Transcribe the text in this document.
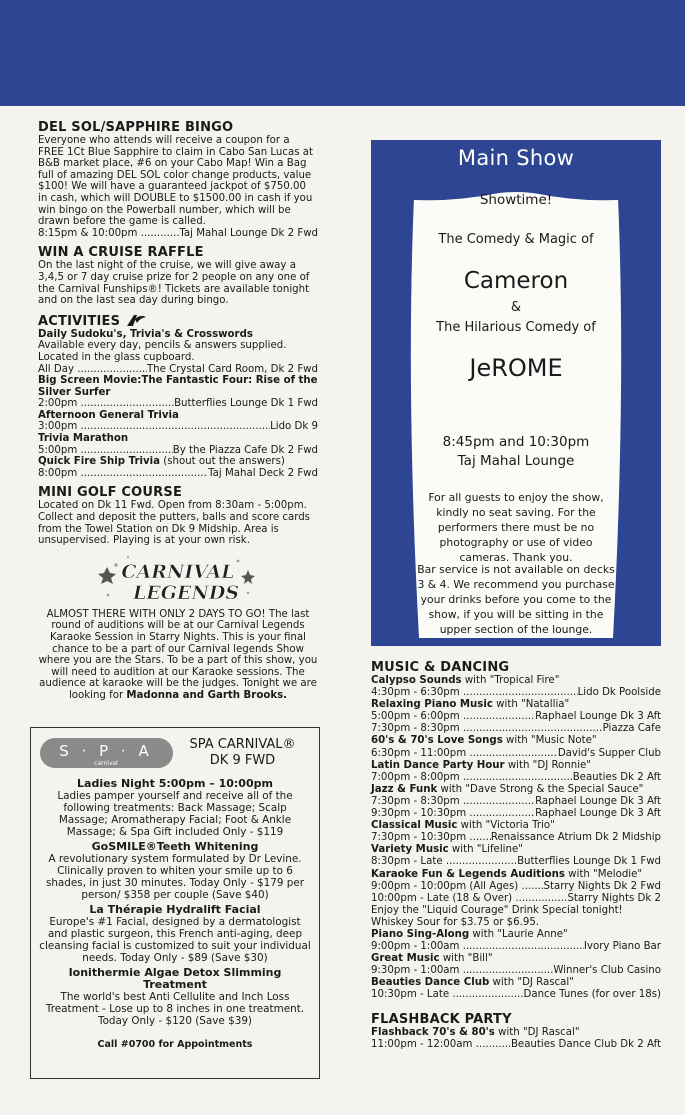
DEL SOL/SAPPHIRE BINGO

Everyone who attends will receive a coupon for a FREE 1Ct Blue Sapphire to claim in Cabo San Lucas at B&B market place, #6 on your Cabo Map! Win a Bag full of amazing DEL SOL color change products, value $100! We will have a guaranteed jackpot of $750.00 in cash, which will DOUBLE to $1500.00 in cash if you win bingo on the Powerball number, which will be drawn before the game is called.

8:15pm & 10:00pm .....	Taj Mahal Lounge Dk 2 Fwd
WIN A CRUISE RAFFLE

On the last night of the cruise, we will give away a 3,4,5 or 7 day cruise prize for 2 people on any one of the Carnival Funships®! Tickets are available tonight and on the last sea day during bingo.

ACTIVITIES

Daily Sudoku's, Trivia's & Crosswords

Available every day, pencils & answers supplied. Located in the glass cupboard.

All Day .....	The Crystal Card Room, Dk 2 Fwd

Big Screen Movie:The Fantastic Four: Rise of the Silver Surfer

2:00pm .....	Butterflies Lounge Dk 1 Fwd

Afternoon General Trivia

3:00pm .....	Lido Dk 9

Trivia Marathon

5:00pm .....	By the Piazza Cafe Dk 2 Fwd

Quick Fire Ship Trivia (shout out the answers)

8:00pm .....	Taj Mahal Deck 2 Fwd
MINI GOLF COURSE

Located on Dk 11 Fwd. Open from 8:30am - 5:00pm. Collect and deposit the putters, balls and score cards from the Towel Station on Dk 9 Midship. Area is unsupervised. Playing is at your own risk.

CARNIVAL
LEGENDS

ALMOST THERE WITH ONLY 2 DAYS TO GO! The last round of auditions will be at our Carnival Legends Karaoke Session in Starry Nights. This is your final chance to be a part of our Carnival legends Show where you are the Stars. To be a part of this show, you will need to audition at our Karaoke sessions. The audience at karaoke will be the judges. Tonight we are looking for Madonna and Garth Brooks.

S · P · A
carnival
SPA CARNIVAL®
DK 9 FWD
Ladies Night 5:00pm – 10:00pm

Ladies pamper yourself and receive all of the following treatments: Back Massage; Scalp Massage; Aromatherapy Facial; Foot & Ankle Massage; & Spa Gift included Only - $119

GoSMILE®Teeth Whitening

A revolutionary system formulated by Dr Levine. Clinically proven to whiten your smile up to 6 shades, in just 30 minutes. Today Only - $179 per person/ $358 per couple (Save $40)

La Thérapie Hydralift Facial

Europe's #1 Facial, designed by a dermatologist and plastic surgeon, this French anti-aging, deep cleansing facial is customized to suit your individual needs. Today Only - $89 (Save $30)

Ionithermie Algae Detox Slimming Treatment

The world's best Anti Cellulite and Inch Loss Treatment - Lose up to 8 inches in one treatment. Today Only - $120 (Save $39)

Call #0700 for Appointments

Main Show
Showtime!
The Comedy & Magic of
Cameron
&
The Hilarious Comedy of
JeROME
8:45pm and 10:30pm
Taj Mahal Lounge
For all guests to enjoy the show, kindly no seat saving. For the performers there must be no photography or use of video cameras. Thank you.
Bar service is not available on decks 3 & 4. We recommend you purchase your drinks before you come to the show, if you will be sitting in the upper section of the lounge.
MUSIC & DANCING

Calypso Sounds with "Tropical Fire"

4:30pm - 6:30pm .....	Lido Dk Poolside

Relaxing Piano Music with "Natallia"

5:00pm - 6:00pm .....	Raphael Lounge Dk 3 Aft
7:30pm - 8:30pm .....	Piazza Cafe

60's & 70's Love Songs with "Music Note"

6:30pm - 11:00pm .....	David's Supper Club

Latin Dance Party Hour with "DJ Ronnie"

7:00pm - 8:00pm .....	Beauties Dk 2 Aft

Jazz & Funk with "Dave Strong & the Special Sauce"

7:30pm - 8:30pm .....	Raphael Lounge Dk 3 Aft
9:30pm - 10:30pm .....	Raphael Lounge Dk 3 Aft

Classical Music with "Victoria Trio"

7:30pm - 10:30pm .....	Renaissance Atrium Dk 2 Midship

Variety Music with "Lifeline"

8:30pm - Late .....	Butterflies Lounge Dk 1 Fwd

Karaoke Fun & Legends Auditions with "Melodie"

9:00pm - 10:00pm (All Ages) .....	Starry Nights Dk 2 Fwd
10:00pm - Late (18 & Over) .....	Starry Nights Dk 2

Enjoy the "Liquid Courage" Drink Special tonight! Whiskey Sour for $3.75 or $6.95.

Piano Sing-Along with "Laurie Anne"

9:00pm - 1:00am .....	Ivory Piano Bar

Great Music with "Bill"

9:30pm - 1:00am .....	Winner's Club Casino

Beauties Dance Club with "DJ Rascal"

10:30pm - Late .....	Dance Tunes (for over 18s)
FLASHBACK PARTY

Flashback 70's & 80's with "DJ Rascal"

11:00pm - 12:00am .....	Beauties Dance Club Dk 2 Aft
